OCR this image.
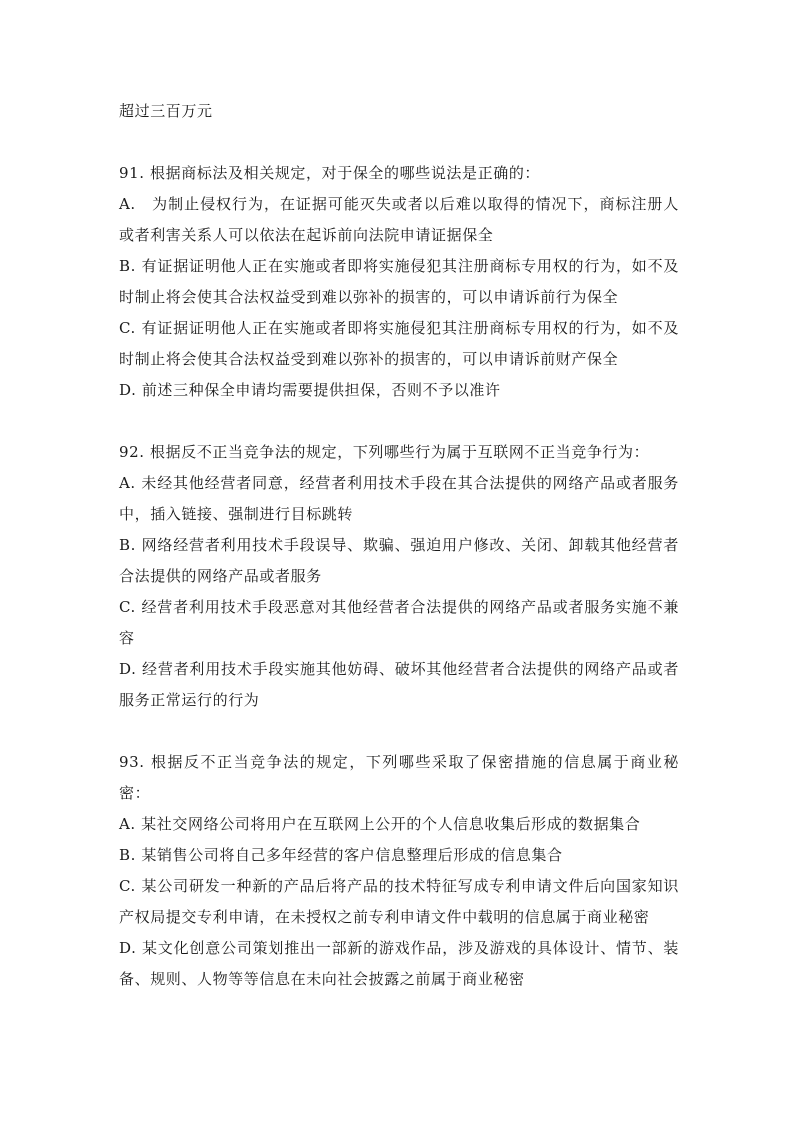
超过三百万元

91. 根据商标法及相关规定，对于保全的哪些说法是正确的：

A.　为制止侵权行为，在证据可能灭失或者以后难以取得的情况下，商标注册人或者利害关系人可以依法在起诉前向法院申请证据保全

B. 有证据证明他人正在实施或者即将实施侵犯其注册商标专用权的行为，如不及时制止将会使其合法权益受到难以弥补的损害的，可以申请诉前行为保全

C. 有证据证明他人正在实施或者即将实施侵犯其注册商标专用权的行为，如不及时制止将会使其合法权益受到难以弥补的损害的，可以申请诉前财产保全

D. 前述三种保全申请均需要提供担保，否则不予以准许

92. 根据反不正当竞争法的规定，下列哪些行为属于互联网不正当竞争行为：

A. 未经其他经营者同意，经营者利用技术手段在其合法提供的网络产品或者服务中，插入链接、强制进行目标跳转

B. 网络经营者利用技术手段误导、欺骗、强迫用户修改、关闭、卸载其他经营者合法提供的网络产品或者服务

C. 经营者利用技术手段恶意对其他经营者合法提供的网络产品或者服务实施不兼容

D. 经营者利用技术手段实施其他妨碍、破坏其他经营者合法提供的网络产品或者服务正常运行的行为

93. 根据反不正当竞争法的规定，下列哪些采取了保密措施的信息属于商业秘密：

A. 某社交网络公司将用户在互联网上公开的个人信息收集后形成的数据集合

B. 某销售公司将自己多年经营的客户信息整理后形成的信息集合

C. 某公司研发一种新的产品后将产品的技术特征写成专利申请文件后向国家知识产权局提交专利申请，在未授权之前专利申请文件中载明的信息属于商业秘密

D. 某文化创意公司策划推出一部新的游戏作品，涉及游戏的具体设计、情节、装备、规则、人物等等信息在未向社会披露之前属于商业秘密
